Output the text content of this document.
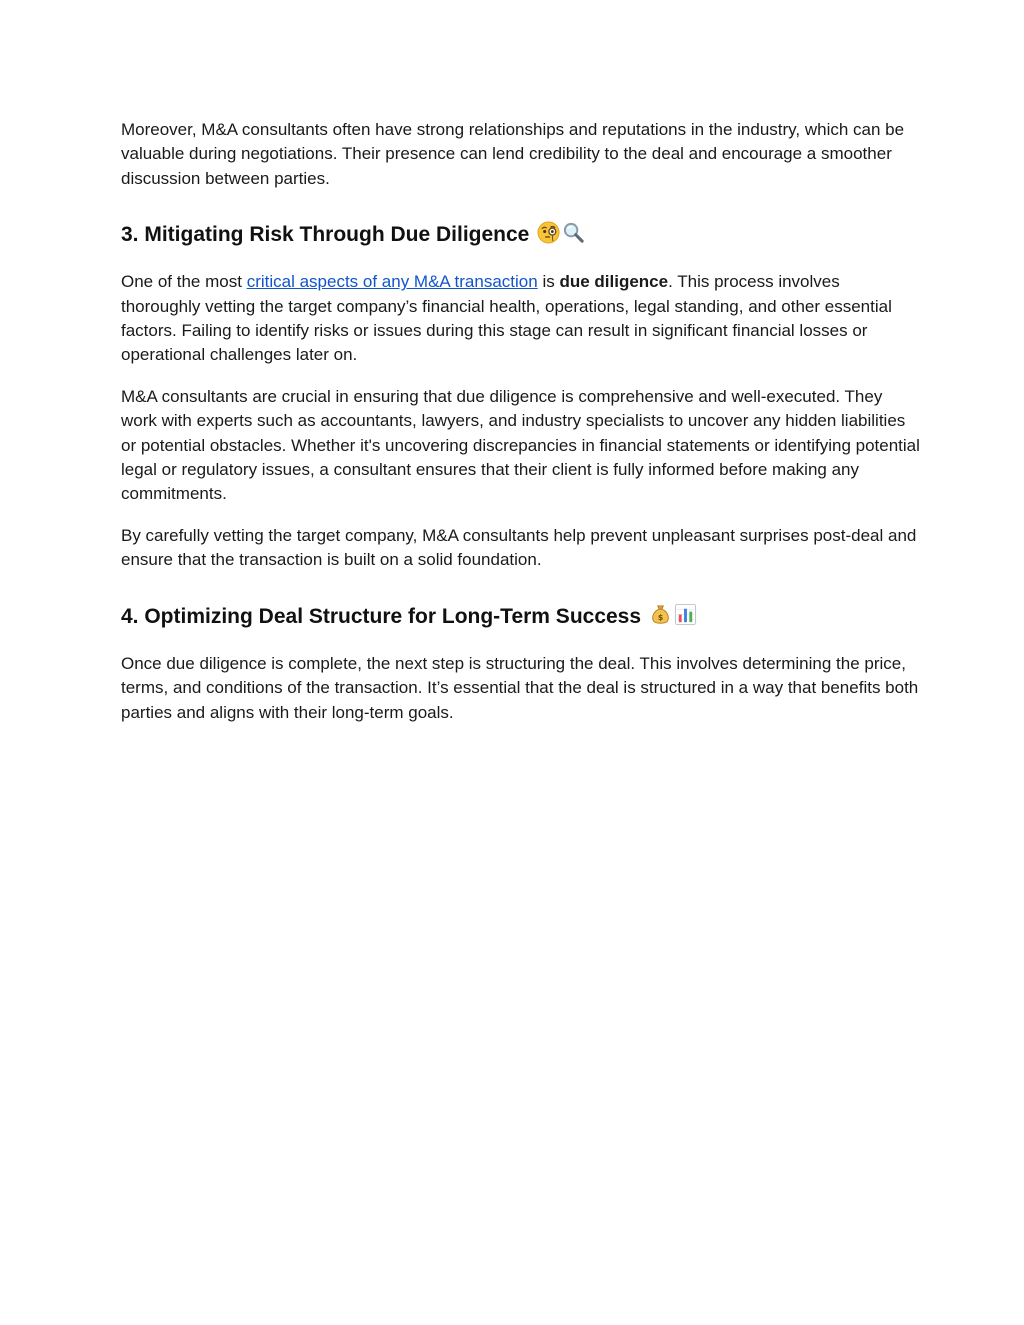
Moreover, M&A consultants often have strong relationships and reputations in the industry, which can be valuable during negotiations. Their presence can lend credibility to the deal and encourage a smoother discussion between parties.

3. Mitigating Risk Through Due Diligence

One of the most critical aspects of any M&A transaction is due diligence. This process involves thoroughly vetting the target company’s financial health, operations, legal standing, and other essential factors. Failing to identify risks or issues during this stage can result in significant financial losses or operational challenges later on.

M&A consultants are crucial in ensuring that due diligence is comprehensive and well-executed. They work with experts such as accountants, lawyers, and industry specialists to uncover any hidden liabilities or potential obstacles. Whether it's uncovering discrepancies in financial statements or identifying potential legal or regulatory issues, a consultant ensures that their client is fully informed before making any commitments.

By carefully vetting the target company, M&A consultants help prevent unpleasant surprises post-deal and ensure that the transaction is built on a solid foundation.

4. Optimizing Deal Structure for Long-Term Success $

Once due diligence is complete, the next step is structuring the deal. This involves determining the price, terms, and conditions of the transaction. It’s essential that the deal is structured in a way that benefits both parties and aligns with their long-term goals.
